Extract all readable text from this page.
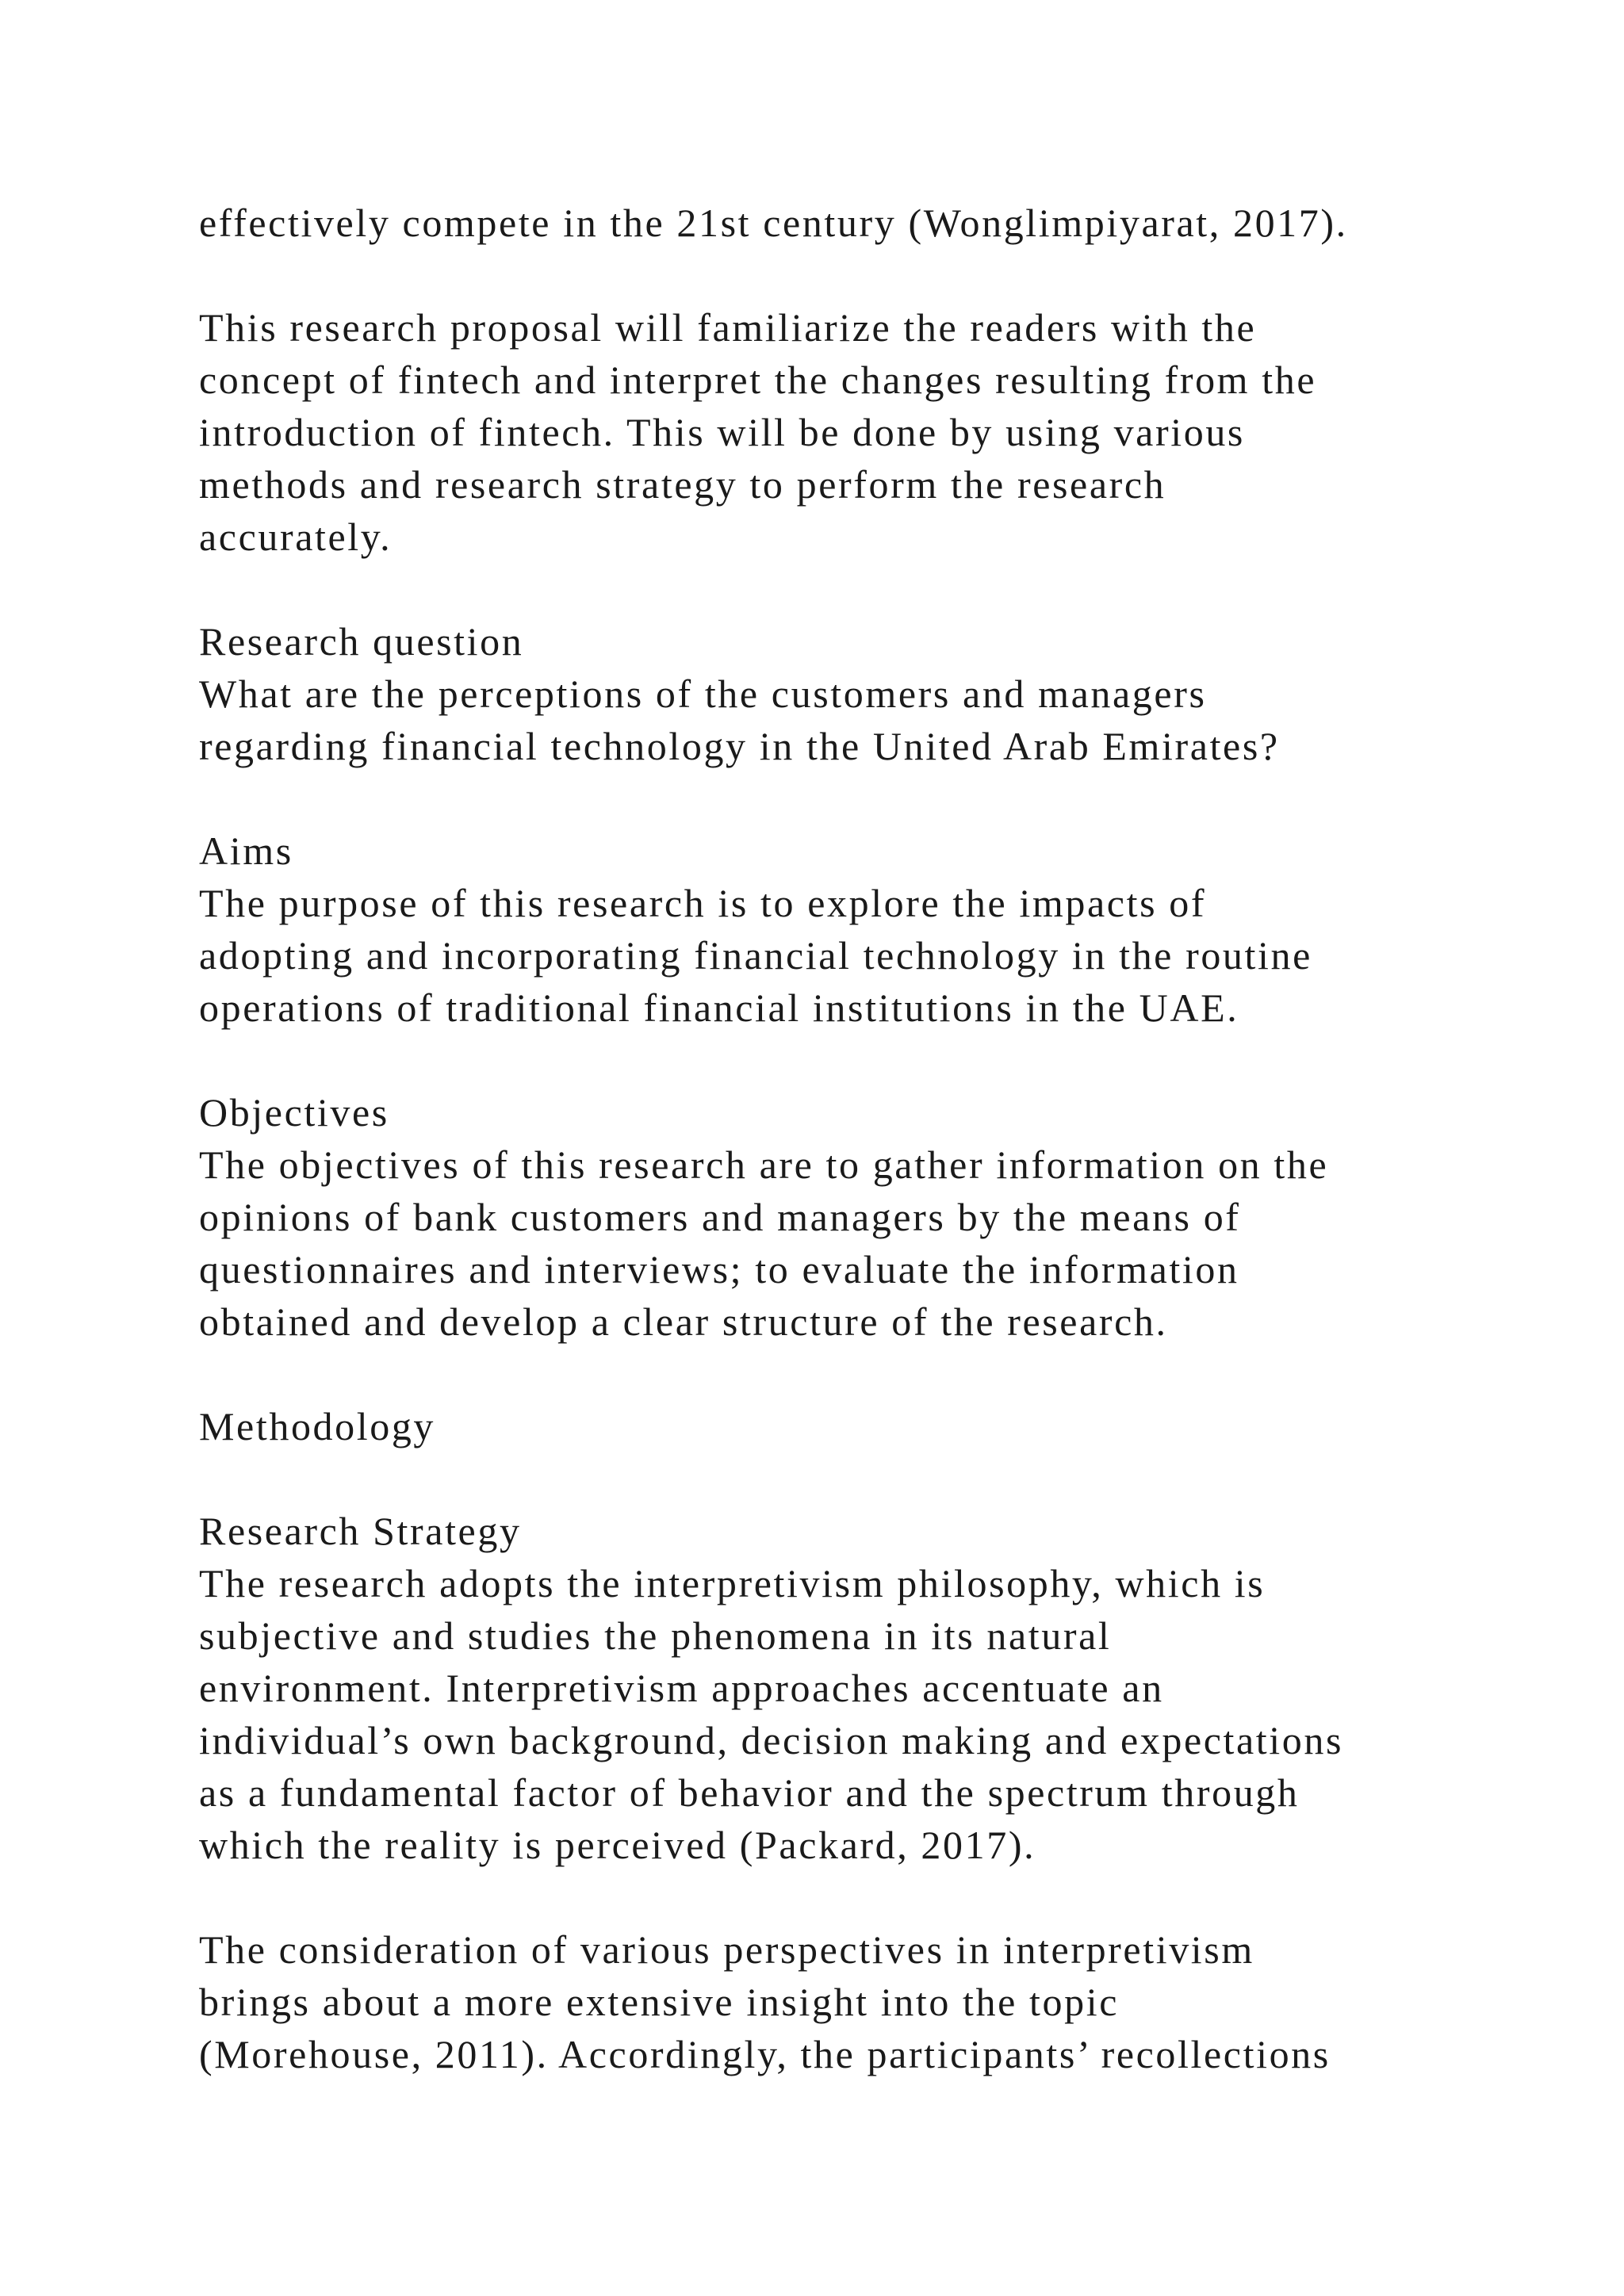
effectively compete in the 21st century (Wonglimpiyarat, 2017).
This research proposal will familiarize the readers with the
concept of fintech and interpret the changes resulting from the
introduction of fintech. This will be done by using various
methods and research strategy to perform the research
accurately.
Research question
What are the perceptions of the customers and managers
regarding financial technology in the United Arab Emirates?
Aims
The purpose of this research is to explore the impacts of
adopting and incorporating financial technology in the routine
operations of traditional financial institutions in the UAE.
Objectives
The objectives of this research are to gather information on the
opinions of bank customers and managers by the means of
questionnaires and interviews; to evaluate the information
obtained and develop a clear structure of the research.
Methodology
Research Strategy
The research adopts the interpretivism philosophy, which is
subjective and studies the phenomena in its natural
environment. Interpretivism approaches accentuate an
individual’s own background, decision making and expectations
as a fundamental factor of behavior and the spectrum through
which the reality is perceived (Packard, 2017).
The consideration of various perspectives in interpretivism
brings about a more extensive insight into the topic
(Morehouse, 2011). Accordingly, the participants’ recollections
